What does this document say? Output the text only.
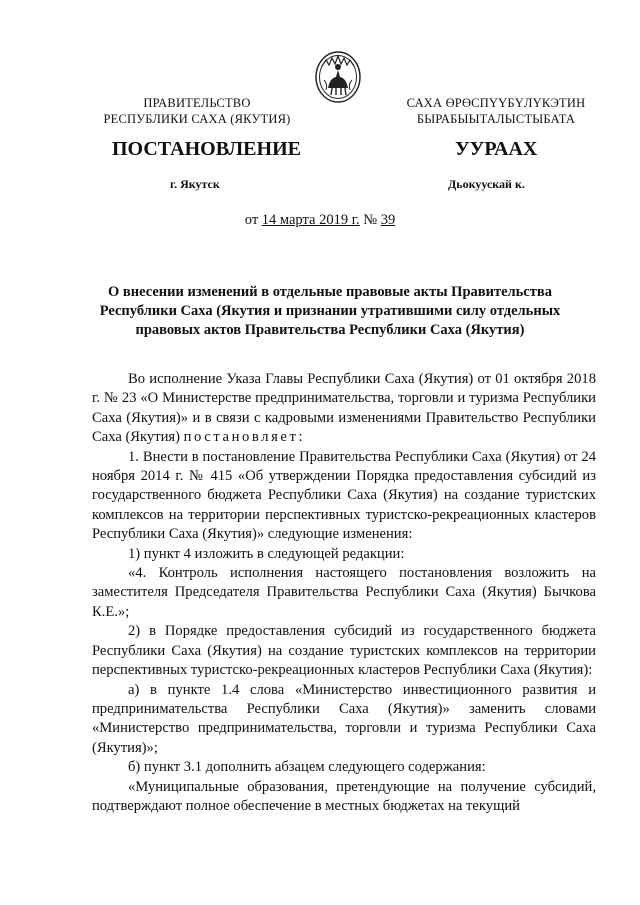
ПРАВИТЕЛЬСТВО
РЕСПУБЛИКИ САХА (ЯКУТИЯ)
САХА ӨРӨСПҮҮБҮЛҮКЭТИН
БЫРАБЫЫТАЛЫСТЫБАТА
ПОСТАНОВЛЕНИЕ	УУРААХ
г. Якутск	Дьокуускай к.
от 14 марта 2019 г. № 39
О внесении изменений в отдельные правовые акты Правительства
Республики Саха (Якутия и признании утратившими силу отдельных
правовых актов Правительства Республики Саха (Якутия)

Во исполнение Указа Главы Республики Саха (Якутия) от 01 октября 2018 г. № 23 «О Министерстве предпринимательства, торговли и туризма Республики Саха (Якутия)» и в связи с кадровыми изменениями Правительство Республики Саха (Якутия) постановляет:

1. Внести в постановление Правительства Республики Саха (Якутия) от 24 ноября 2014 г. № 415 «Об утверждении Порядка предоставления субсидий из государственного бюджета Республики Саха (Якутия) на создание туристских комплексов на территории перспективных туристско-рекреационных кластеров Республики Саха (Якутия)» следующие изменения:

1) пункт 4 изложить в следующей редакции:

«4. Контроль исполнения настоящего постановления возложить на заместителя Председателя Правительства Республики Саха (Якутия) Бычкова К.Е.»;

2) в Порядке предоставления субсидий из государственного бюджета Республики Саха (Якутия) на создание туристских комплексов на территории перспективных туристско-рекреационных кластеров Республики Саха (Якутия):

а) в пункте 1.4 слова «Министерство инвестиционного развития и предпринимательства Республики Саха (Якутия)» заменить словами «Министерство предпринимательства, торговли и туризма Республики Саха (Якутия)»;

б) пункт 3.1 дополнить абзацем следующего содержания:

«Муниципальные образования, претендующие на получение субсидий, подтверждают полное обеспечение в местных бюджетах на текущий
